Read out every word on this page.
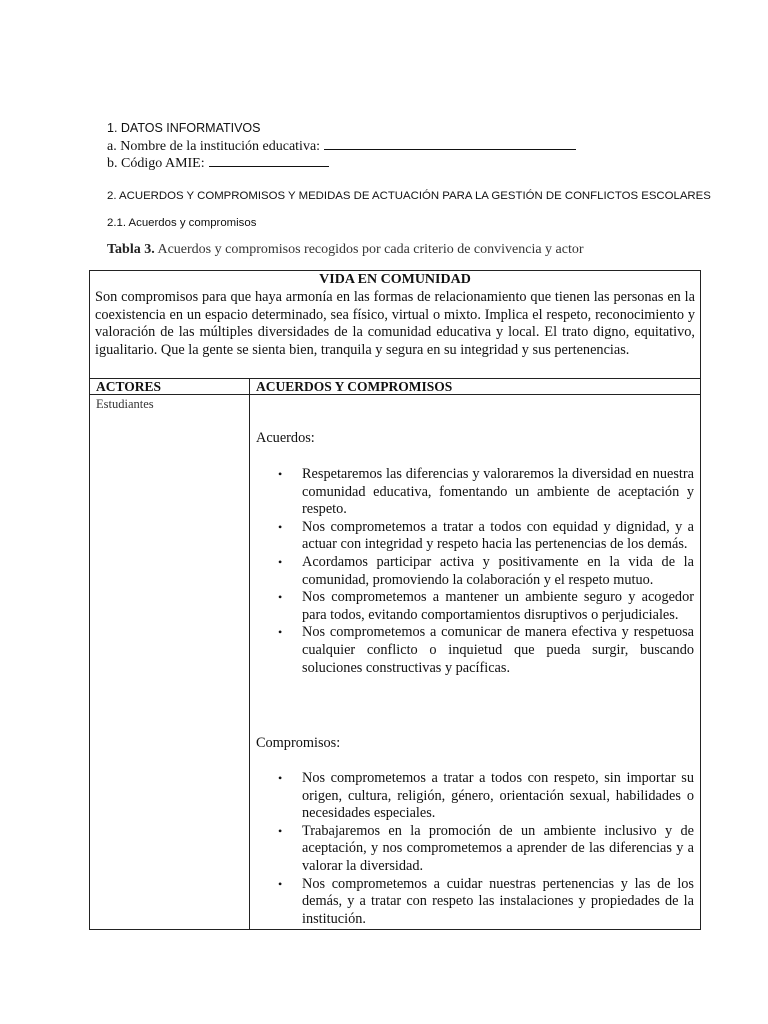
1. DATOS INFORMATIVOS
a. Nombre de la institución educativa:
b. Código AMIE:
2. ACUERDOS Y COMPROMISOS Y MEDIDAS DE ACTUACIÓN PARA LA GESTIÓN DE CONFLICTOS ESCOLARES
2.1. Acuerdos y compromisos
Tabla 3. Acuerdos y compromisos recogidos por cada criterio de convivencia y actor
VIDA EN COMUNIDAD
Son compromisos para que haya armonía en las formas de relacionamiento que tienen las personas en la coexistencia en un espacio determinado, sea físico, virtual o mixto. Implica el respeto, reconocimiento y valoración de las múltiples diversidades de la comunidad educativa y local. El trato digno, equitativo, igualitario. Que la gente se sienta bien, tranquila y segura en su integridad y sus pertenencias.
ACTORES	ACUERDOS Y COMPROMISOS
Estudiantes
Acuerdos:
• Respetaremos las diferencias y valoraremos la diversidad en nuestra comunidad educativa, fomentando un ambiente de aceptación y respeto.
• Nos comprometemos a tratar a todos con equidad y dignidad, y a actuar con integridad y respeto hacia las pertenencias de los demás.
• Acordamos participar activa y positivamente en la vida de la comunidad, promoviendo la colaboración y el respeto mutuo.
• Nos comprometemos a mantener un ambiente seguro y acogedor para todos, evitando comportamientos disruptivos o perjudiciales.
• Nos comprometemos a comunicar de manera efectiva y respetuosa cualquier conflicto o inquietud que pueda surgir, buscando soluciones constructivas y pacíficas.
Compromisos:
• Nos comprometemos a tratar a todos con respeto, sin importar su origen, cultura, religión, género, orientación sexual, habilidades o necesidades especiales.
• Trabajaremos en la promoción de un ambiente inclusivo y de aceptación, y nos comprometemos a aprender de las diferencias y a valorar la diversidad.
• Nos comprometemos a cuidar nuestras pertenencias y las de los demás, y a tratar con respeto las instalaciones y propiedades de la institución.
